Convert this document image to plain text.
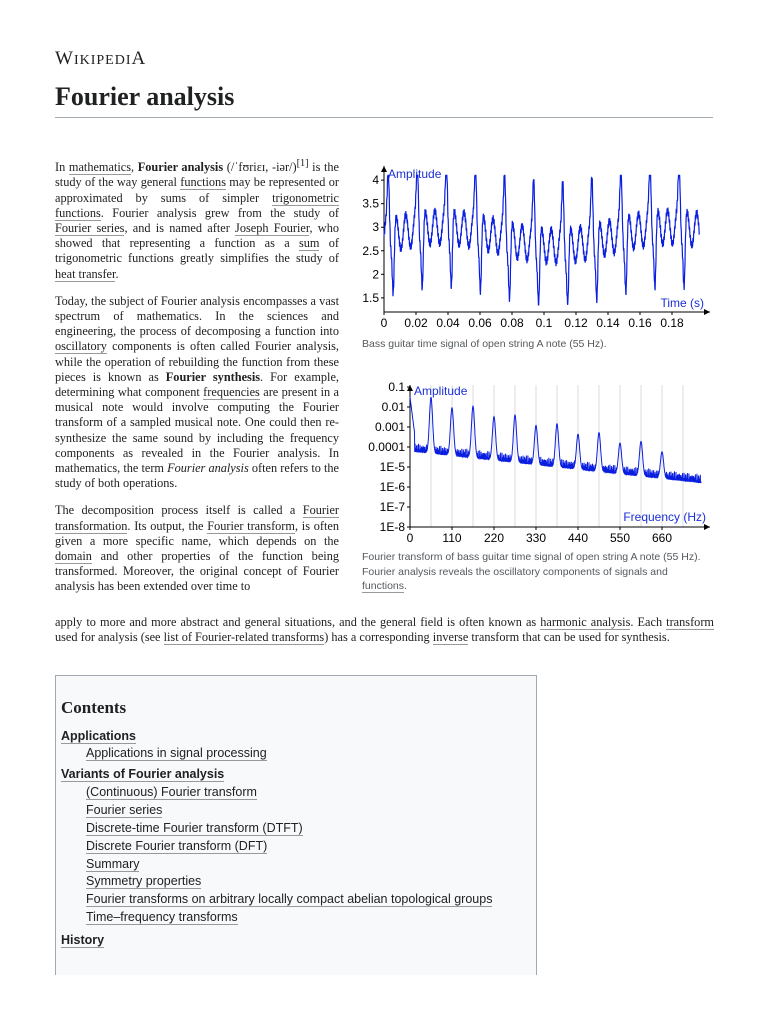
WIKIPEDIA
Fourier analysis

In mathematics, Fourier analysis (/ˈfʊriɛɪ, -iər/)[1] is the study of the way general functions may be represented or approximated by sums of simpler trigonometric functions. Fourier analysis grew from the study of Fourier series, and is named after Joseph Fourier, who showed that representing a function as a sum of trigonometric functions greatly simplifies the study of heat transfer.

Today, the subject of Fourier analysis encompasses a vast spectrum of mathematics. In the sciences and engineering, the process of decomposing a function into oscillatory components is often called Fourier analysis, while the operation of rebuilding the function from these pieces is known as Fourier synthesis. For example, determining what component frequencies are present in a musical note would involve computing the Fourier transform of a sampled musical note. One could then re-synthesize the same sound by including the frequency components as revealed in the Fourier analysis. In mathematics, the term Fourier analysis often refers to the study of both operations.

The decomposition process itself is called a Fourier transformation. Its output, the Fourier transform, is often given a more specific name, which depends on the domain and other properties of the function being transformed. Moreover, the original concept of Fourier analysis has been extended over time to

apply to more and more abstract and general situations, and the general field is often known as harmonic analysis. Each transform used for analysis (see list of Fourier-related transforms) has a corresponding inverse transform that can be used for synthesis.
4
3.5
3
2.5
2
1.5
0 0.02 0.04 0.06 0.08 0.1 0.12 0.14 0.16 0.18
Amplitude
Time (s)
Bass guitar time signal of open string A note (55 Hz).
0.1
0.01
0.001
0.0001
1E-5
1E-6
1E-7
1E-8
0 110 220 330 440 550 660
Amplitude
Frequency (Hz)
Fourier transform of bass guitar time signal of open string A note (55 Hz). Fourier analysis reveals the oscillatory components of signals and functions.
Contents
Applications
Applications in signal processing
Variants of Fourier analysis
(Continuous) Fourier transform
Fourier series
Discrete-time Fourier transform (DTFT)
Discrete Fourier transform (DFT)
Summary
Symmetry properties
Fourier transforms on arbitrary locally compact abelian topological groups
Time–frequency transforms
History
